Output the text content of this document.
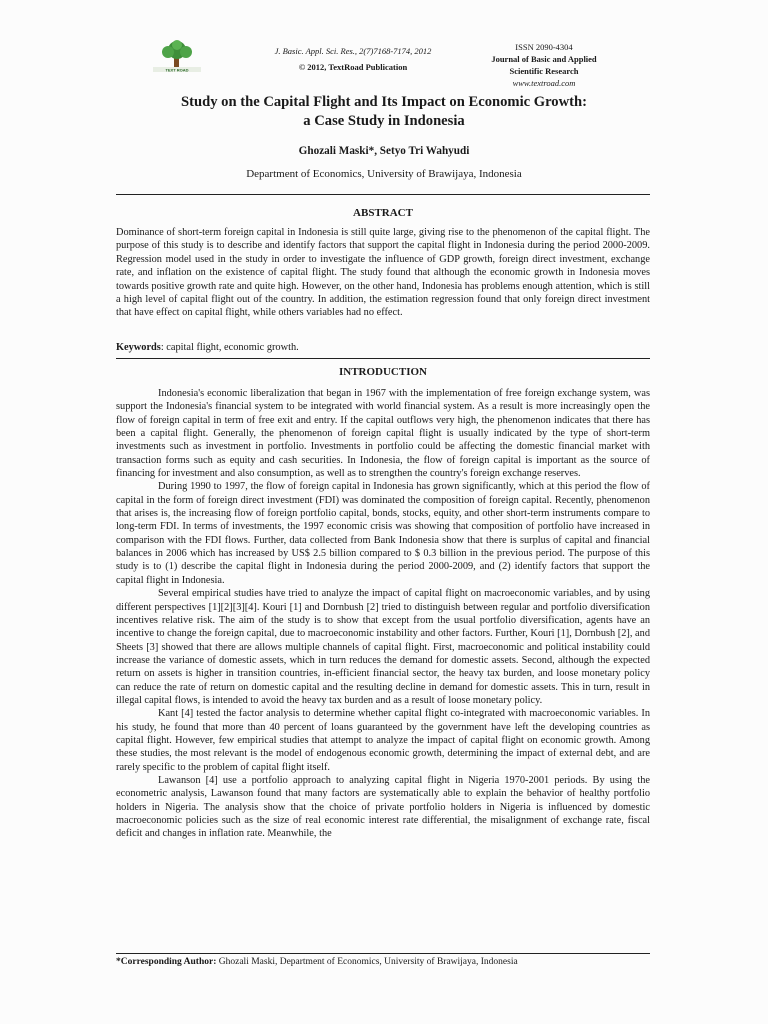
TEXT ROAD
J. Basic. Appl. Sci. Res., 2(7)7168-7174, 2012
© 2012, TextRoad Publication
ISSN 2090-4304
Journal of Basic and Applied
Scientific Research
www.textroad.com
Study on the Capital Flight and Its Impact on Economic Growth:
a Case Study in Indonesia
Ghozali Maski*, Setyo Tri Wahyudi
Department of Economics, University of Brawijaya, Indonesia
ABSTRACT
Dominance of short-term foreign capital in Indonesia is still quite large, giving rise to the phenomenon of the capital flight. The purpose of this study is to describe and identify factors that support the capital flight in Indonesia during the period 2000-2009. Regression model used in the study in order to investigate the influence of GDP growth, foreign direct investment, exchange rate, and inflation on the existence of capital flight. The study found that although the economic growth in Indonesia moves towards positive growth rate and quite high. However, on the other hand, Indonesia has problems enough attention, which is still a high level of capital flight out of the country. In addition, the estimation regression found that only foreign direct investment that have effect on capital flight, while others variables had no effect.
Keywords: capital flight, economic growth.
INTRODUCTION

Indonesia's economic liberalization that began in 1967 with the implementation of free foreign exchange system, was support the Indonesia's financial system to be integrated with world financial system. As a result is more increasingly open the flow of foreign capital in term of free exit and entry. If the capital outflows very high, the phenomenon indicates that there has been a capital flight. Generally, the phenomenon of foreign capital flight is usually indicated by the type of short-term investments such as investment in portfolio. Investments in portfolio could be affecting the domestic financial market with transaction forms such as equity and cash securities. In Indonesia, the flow of foreign capital is important as the source of financing for investment and also consumption, as well as to strengthen the country's foreign exchange reserves.

During 1990 to 1997, the flow of foreign capital in Indonesia has grown significantly, which at this period the flow of capital in the form of foreign direct investment (FDI) was dominated the composition of foreign capital. Recently, phenomenon that arises is, the increasing flow of foreign portfolio capital, bonds, stocks, equity, and other short-term instruments compare to long-term FDI. In terms of investments, the 1997 economic crisis was showing that composition of portfolio have increased in comparison with the FDI flows. Further, data collected from Bank Indonesia show that there is surplus of capital and financial balances in 2006 which has increased by US$ 2.5 billion compared to $ 0.3 billion in the previous period. The purpose of this study is to (1) describe the capital flight in Indonesia during the period 2000-2009, and (2) identify factors that support the capital flight in Indonesia.

Several empirical studies have tried to analyze the impact of capital flight on macroeconomic variables, and by using different perspectives [1][2][3][4]. Kouri [1] and Dornbush [2] tried to distinguish between regular and portfolio diversification incentives relative risk. The aim of the study is to show that except from the usual portfolio diversification, agents have an incentive to change the foreign capital, due to macroeconomic instability and other factors. Further, Kouri [1], Dornbush [2], and Sheets [3] showed that there are allows multiple channels of capital flight. First, macroeconomic and political instability could increase the variance of domestic assets, which in turn reduces the demand for domestic assets. Second, although the expected return on assets is higher in transition countries, in-efficient financial sector, the heavy tax burden, and loose monetary policy can reduce the rate of return on domestic capital and the resulting decline in demand for domestic assets. This in turn, result in illegal capital flows, is intended to avoid the heavy tax burden and as a result of loose monetary policy.

Kant [4] tested the factor analysis to determine whether capital flight co-integrated with macroeconomic variables. In his study, he found that more than 40 percent of loans guaranteed by the government have left the developing countries as capital flight. However, few empirical studies that attempt to analyze the impact of capital flight on economic growth. Among these studies, the most relevant is the model of endogenous economic growth, determining the impact of external debt, and are rarely specific to the problem of capital flight itself.

Lawanson [4] use a portfolio approach to analyzing capital flight in Nigeria 1970-2001 periods. By using the econometric analysis, Lawanson found that many factors are systematically able to explain the behavior of healthy portfolio holders in Nigeria. The analysis show that the choice of private portfolio holders in Nigeria is influenced by domestic macroeconomic policies such as the size of real economic interest rate differential, the misalignment of exchange rate, fiscal deficit and changes in inflation rate. Meanwhile, the

*Corresponding Author: Ghozali Maski, Department of Economics, University of Brawijaya, Indonesia
